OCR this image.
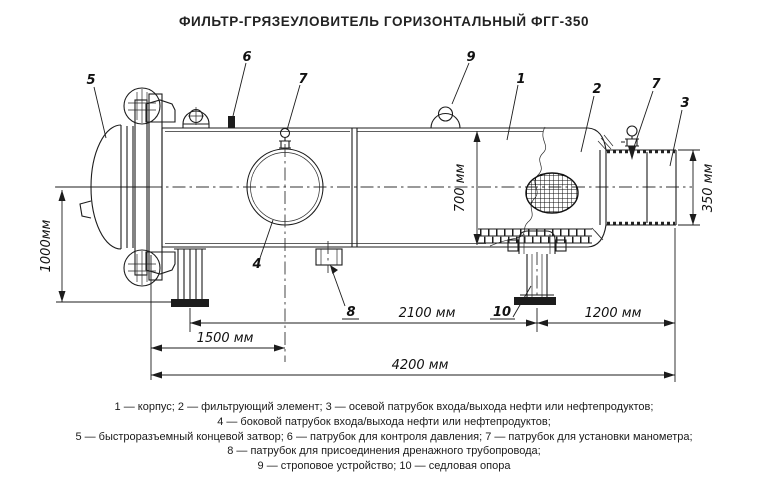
ФИЛЬТР-ГРЯЗЕУЛОВИТЕЛЬ ГОРИЗОНТАЛЬНЫЙ ФГГ-350
1000мм
700 мм	350 мм
2100 мм	1200 мм
1500 мм
4200 мм
5
6
7
9
1
2	7
3
4
8	10
1 — корпус; 2 — фильтрующий элемент; 3 — осевой патрубок входа/выхода нефти или нефтепродуктов;
4 — боковой патрубок входа/выхода нефти или нефтепродуктов;
5 — быстроразъемный концевой затвор; 6 — патрубок для контроля давления; 7 — патрубок для установки манометра;
8 — патрубок для присоединения дренажного трубопровода;
9 — строповое устройство; 10 — седловая опора
